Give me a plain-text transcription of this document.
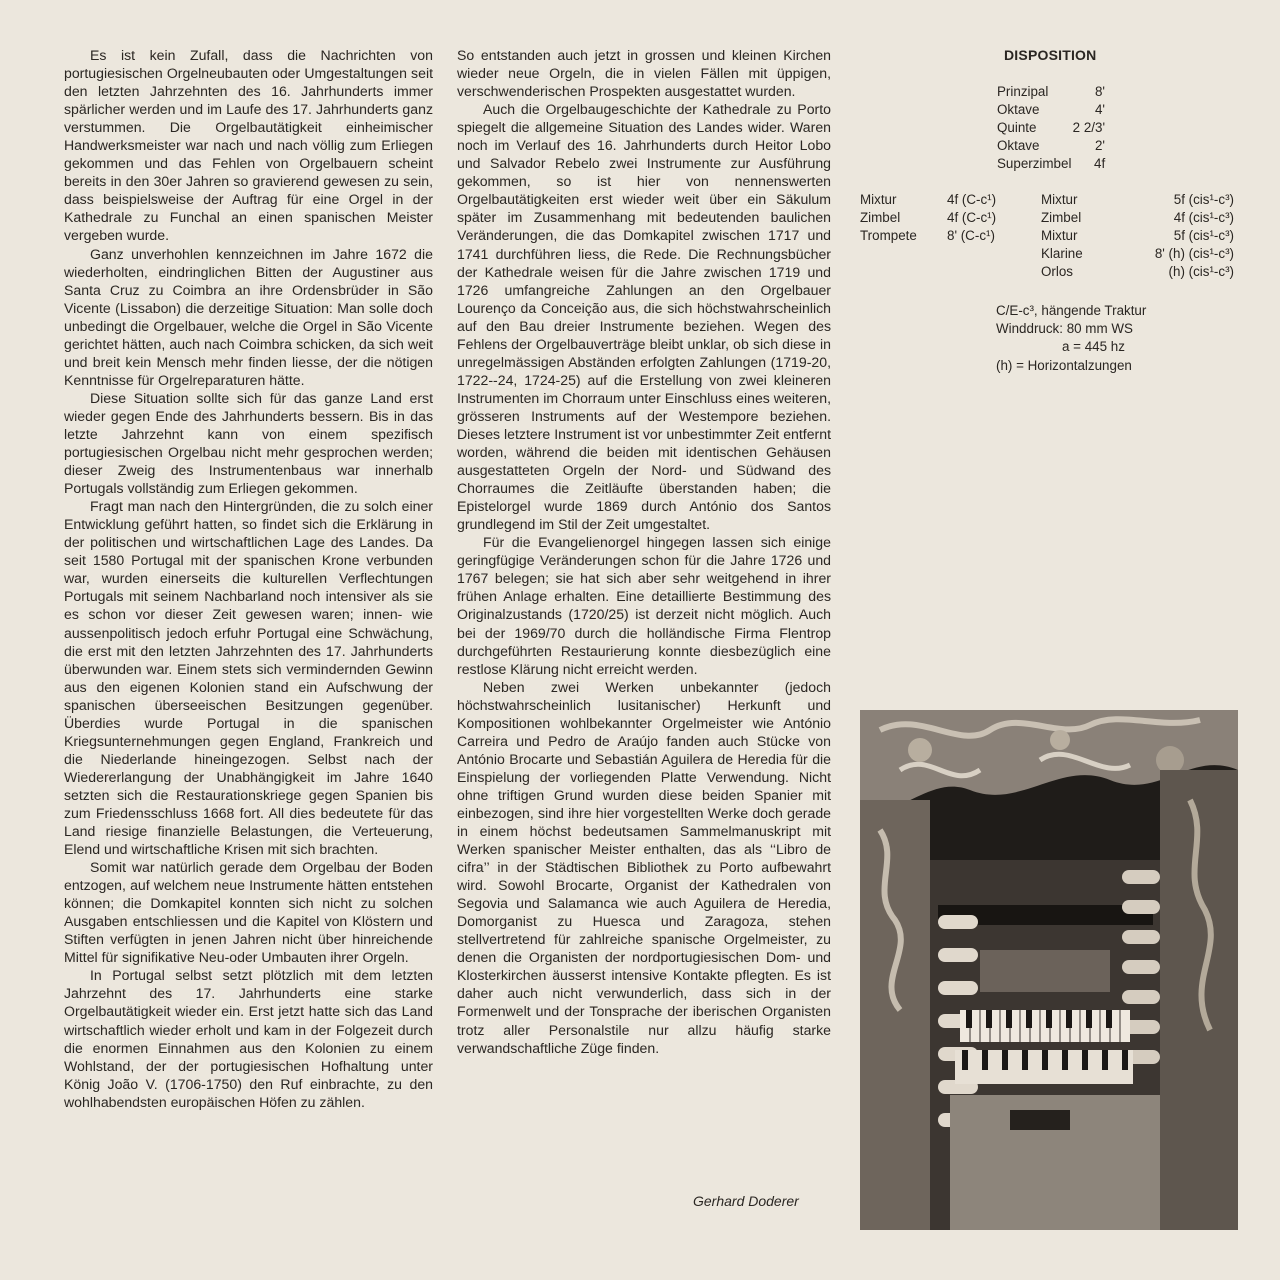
Es ist kein Zufall, dass die Nachrichten von portugiesischen Orgelneubauten oder Umgestaltungen seit den letzten Jahrzehnten des 16. Jahrhunderts immer spärlicher werden und im Laufe des 17. Jahrhunderts ganz verstummen. Die Orgelbautätigkeit einheimischer Handwerksmeister war nach und nach völlig zum Erliegen gekommen und das Fehlen von Orgelbauern scheint bereits in den 30er Jahren so gravierend gewesen zu sein, dass beispielsweise der Auftrag für eine Orgel in der Kathedrale zu Funchal an einen spanischen Meister vergeben wurde.

Ganz unverhohlen kennzeichnen im Jahre 1672 die wiederholten, eindringlichen Bitten der Augustiner aus Santa Cruz zu Coimbra an ihre Ordensbrüder in São Vicente (Lissabon) die derzeitige Situation: Man solle doch unbedingt die Orgelbauer, welche die Orgel in São Vicente gerichtet hätten, auch nach Coimbra schicken, da sich weit und breit kein Mensch mehr finden liesse, der die nötigen Kenntnisse für Orgelreparaturen hätte.

Diese Situation sollte sich für das ganze Land erst wieder gegen Ende des Jahrhunderts bessern. Bis in das letzte Jahrzehnt kann von einem spezifisch portugiesischen Orgelbau nicht mehr gesprochen werden; dieser Zweig des Instrumentenbaus war innerhalb Portugals vollständig zum Erliegen gekommen.

Fragt man nach den Hintergründen, die zu solch einer Entwicklung geführt hatten, so findet sich die Erklärung in der politischen und wirtschaftlichen Lage des Landes. Da seit 1580 Portugal mit der spanischen Krone verbunden war, wurden einerseits die kulturellen Verflechtungen Portugals mit seinem Nachbarland noch intensiver als sie es schon vor dieser Zeit gewesen waren; innen- wie aussenpolitisch jedoch erfuhr Portugal eine Schwächung, die erst mit den letzten Jahrzehnten des 17. Jahrhunderts überwunden war. Einem stets sich vermindernden Gewinn aus den eigenen Kolonien stand ein Aufschwung der spanischen überseeischen Besitzungen gegenüber. Überdies wurde Portugal in die spanischen Kriegsunternehmungen gegen England, Frankreich und die Niederlande hineingezogen. Selbst nach der Wiedererlangung der Unabhängigkeit im Jahre 1640 setzten sich die Restaurationskriege gegen Spanien bis zum Friedensschluss 1668 fort. All dies bedeutete für das Land riesige finanzielle Belastungen, die Verteuerung, Elend und wirtschaftliche Krisen mit sich brachten.

Somit war natürlich gerade dem Orgelbau der Boden entzogen, auf welchem neue Instrumente hätten entstehen können; die Domkapitel konnten sich nicht zu solchen Ausgaben entschliessen und die Kapitel von Klöstern und Stiften verfügten in jenen Jahren nicht über hinreichende Mittel für signifikative Neu-oder Umbauten ihrer Orgeln.

In Portugal selbst setzt plötzlich mit dem letzten Jahrzehnt des 17. Jahrhunderts eine starke Orgelbautätigkeit wieder ein. Erst jetzt hatte sich das Land wirtschaftlich wieder erholt und kam in der Folgezeit durch die enormen Einnahmen aus den Kolonien zu einem Wohlstand, der der portugiesischen Hofhaltung unter König João V. (1706-1750) den Ruf einbrachte, zu den wohlhabendsten europäischen Höfen zu zählen.

So entstanden auch jetzt in grossen und kleinen Kirchen wieder neue Orgeln, die in vielen Fällen mit üppigen, verschwenderischen Prospekten ausgestattet wurden.

Auch die Orgelbaugeschichte der Kathedrale zu Porto spiegelt die allgemeine Situation des Landes wider. Waren noch im Verlauf des 16. Jahrhunderts durch Heitor Lobo und Salvador Rebelo zwei Instrumente zur Ausführung gekommen, so ist hier von nennenswerten Orgelbautätigkeiten erst wieder weit über ein Säkulum später im Zusammenhang mit bedeutenden baulichen Veränderungen, die das Domkapitel zwischen 1717 und 1741 durchführen liess, die Rede. Die Rechnungsbücher der Kathedrale weisen für die Jahre zwischen 1719 und 1726 umfangreiche Zahlungen an den Orgelbauer Lourenço da Conceição aus, die sich höchstwahrscheinlich auf den Bau dreier Instrumente beziehen. Wegen des Fehlens der Orgelbauverträge bleibt unklar, ob sich diese in unregelmässigen Abständen erfolgten Zahlungen (1719-20, 1722--24, 1724-25) auf die Erstellung von zwei kleineren Instrumenten im Chorraum unter Einschluss eines weiteren, grösseren Instruments auf der Westempore beziehen. Dieses letztere Instrument ist vor unbestimmter Zeit entfernt worden, während die beiden mit identischen Gehäusen ausgestatteten Orgeln der Nord- und Südwand des Chorraumes die Zeitläufte überstanden haben; die Epistelorgel wurde 1869 durch António dos Santos grundlegend im Stil der Zeit umgestaltet.

Für die Evangelienorgel hingegen lassen sich einige geringfügige Veränderungen schon für die Jahre 1726 und 1767 belegen; sie hat sich aber sehr weitgehend in ihrer frühen Anlage erhalten. Eine detaillierte Bestimmung des Originalzustands (1720/25) ist derzeit nicht möglich. Auch bei der 1969/70 durch die holländische Firma Flentrop durchgeführten Restaurierung konnte diesbezüglich eine restlose Klärung nicht erreicht werden.

Neben zwei Werken unbekannter (jedoch höchstwahrscheinlich lusitanischer) Herkunft und Kompositionen wohlbekannter Orgelmeister wie António Carreira und Pedro de Araújo fanden auch Stücke von António Brocarte und Sebastián Aguilera de Heredia für die Einspielung der vorliegenden Platte Verwendung. Nicht ohne triftigen Grund wurden diese beiden Spanier mit einbezogen, sind ihre hier vorgestellten Werke doch gerade in einem höchst bedeutsamen Sammelmanuskript mit Werken spanischer Meister enthalten, das als ‘‘Libro de cifra’’ in der Städtischen Bibliothek zu Porto aufbewahrt wird. Sowohl Brocarte, Organist der Kathedralen von Segovia und Salamanca wie auch Aguilera de Heredia, Domorganist zu Huesca und Zaragoza, stehen stellvertretend für zahlreiche spanische Orgelmeister, zu denen die Organisten der nordportugiesischen Dom- und Klosterkirchen äusserst intensive Kontakte pflegten. Es ist daher auch nicht verwunderlich, dass sich in der Formenwelt und der Tonsprache der iberischen Organisten trotz aller Personalstile nur allzu häufig starke verwandschaftliche Züge finden.

Gerhard Doderer
DISPOSITION
Prinzipal	8'
Oktave	4'
Quinte	2 2/3'
Oktave	2'
Superzimbel 4f
Mixtur	4f (C-c¹)
Zimbel	4f (C-c¹)
Trompete 8' (C-c¹)
Mixtur	5f (cis¹-c³)
Zimbel	4f (cis¹-c³)
Mixtur	5f (cis¹-c³)
Klarine	8' (h) (cis¹-c³)
Orlos	(h) (cis¹-c³)
C/E-c³, hängende Traktur
Winddruck: 80 mm WS
a = 445 hz
(h) = Horizontalzungen
